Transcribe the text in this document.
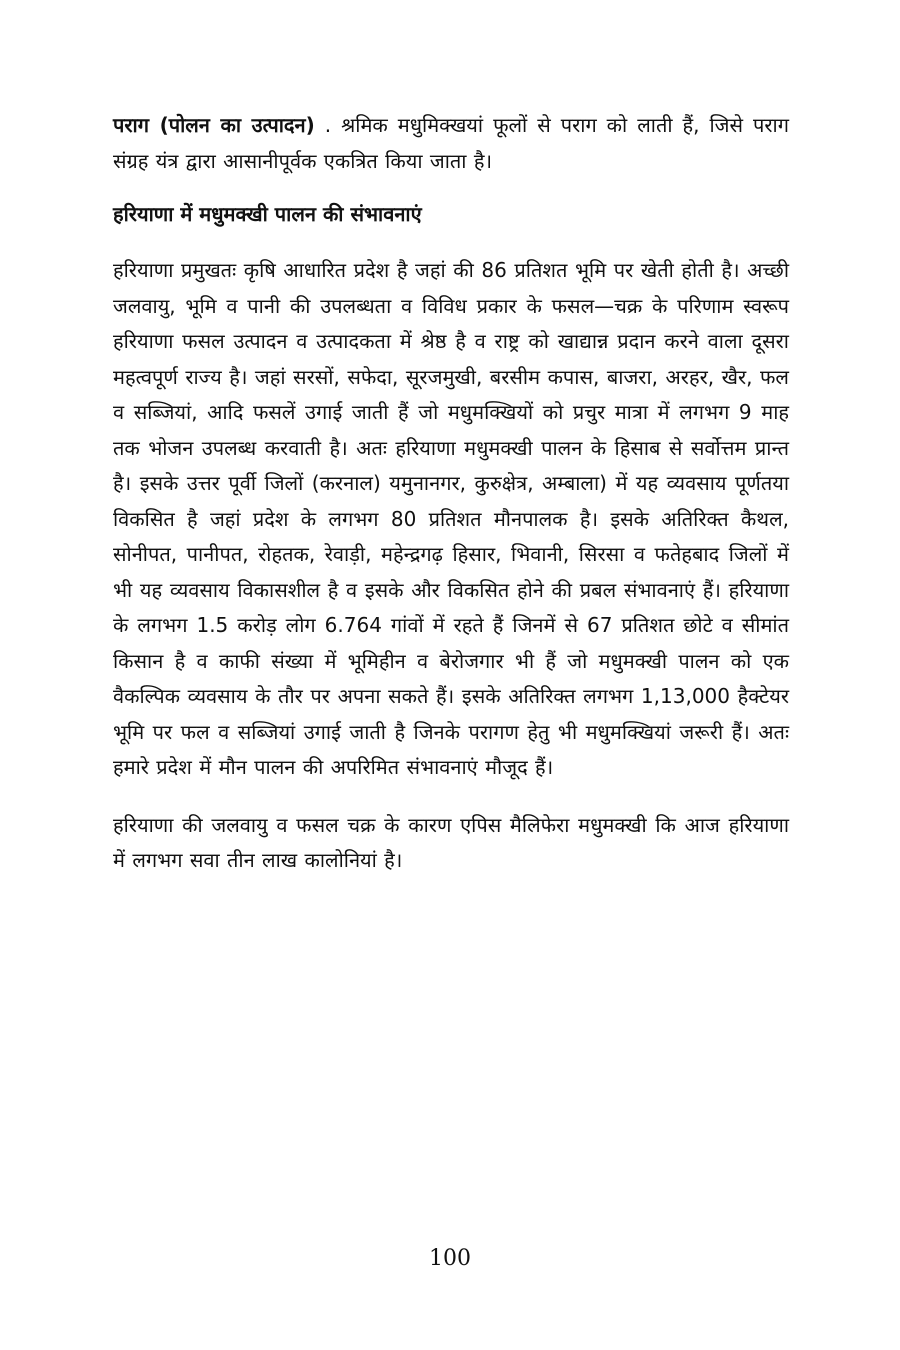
पराग (पोलन का उत्पादन) . श्रमिक मधुमिक्खयां फूलों से पराग को लाती हैं, जिसे पराग संग्रह यंत्र द्वारा आसानीपूर्वक एकत्रित किया जाता है।

हरियाणा में मधुमक्खी पालन की संभावनाएं

हरियाणा प्रमुखतः कृषि आधारित प्रदेश है जहां की 86 प्रतिशत भूमि पर खेती होती है। अच्छी जलवायु, भूमि व पानी की उपलब्धता व विविध प्रकार के फसल—चक्र के परिणाम स्वरूप हरियाणा फसल उत्पादन व उत्पादकता में श्रेष्ठ है व राष्ट्र को खाद्यान्न प्रदान करने वाला दूसरा महत्वपूर्ण राज्य है। जहां सरसों, सफेदा, सूरजमुखी, बरसीम कपास, बाजरा, अरहर, खैर, फल व सब्जियां, आदि फसलें उगाई जाती हैं जो मधुमक्खियों को प्रचुर मात्रा में लगभग 9 माह तक भोजन उपलब्ध करवाती है। अतः हरियाणा मधुमक्खी पालन के हिसाब से सर्वोत्तम प्रान्त है। इसके उत्तर पूर्वी जिलों (करनाल) यमुनानगर, कुरुक्षेत्र, अम्बाला) में यह व्यवसाय पूर्णतया विकसित है जहां प्रदेश के लगभग 80 प्रतिशत मौनपालक है। इसके अतिरिक्त कैथल, सोनीपत, पानीपत, रोहतक, रेवाड़ी, महेन्द्रगढ़ हिसार, भिवानी, सिरसा व फतेहबाद जिलों में भी यह व्यवसाय विकासशील है व इसके और विकसित होने की प्रबल संभावनाएं हैं। हरियाणा के लगभग 1.5 करोड़ लोग 6.764 गांवों में रहते हैं जिनमें से 67 प्रतिशत छोटे व सीमांत किसान है व काफी संख्या में भूमिहीन व बेरोजगार भी हैं जो मधुमक्खी पालन को एक वैकल्पिक व्यवसाय के तौर पर अपना सकते हैं। इसके अतिरिक्त लगभग 1,13,000 हैक्टेयर भूमि पर फल व सब्जियां उगाई जाती है जिनके परागण हेतु भी मधुमक्खियां जरूरी हैं। अतः हमारे प्रदेश में मौन पालन की अपरिमित संभावनाएं मौजूद हैं।

हरियाणा की जलवायु व फसल चक्र के कारण एपिस मैलिफेरा मधुमक्खी कि आज हरियाणा में लगभग सवा तीन लाख कालोनियां है।

100
